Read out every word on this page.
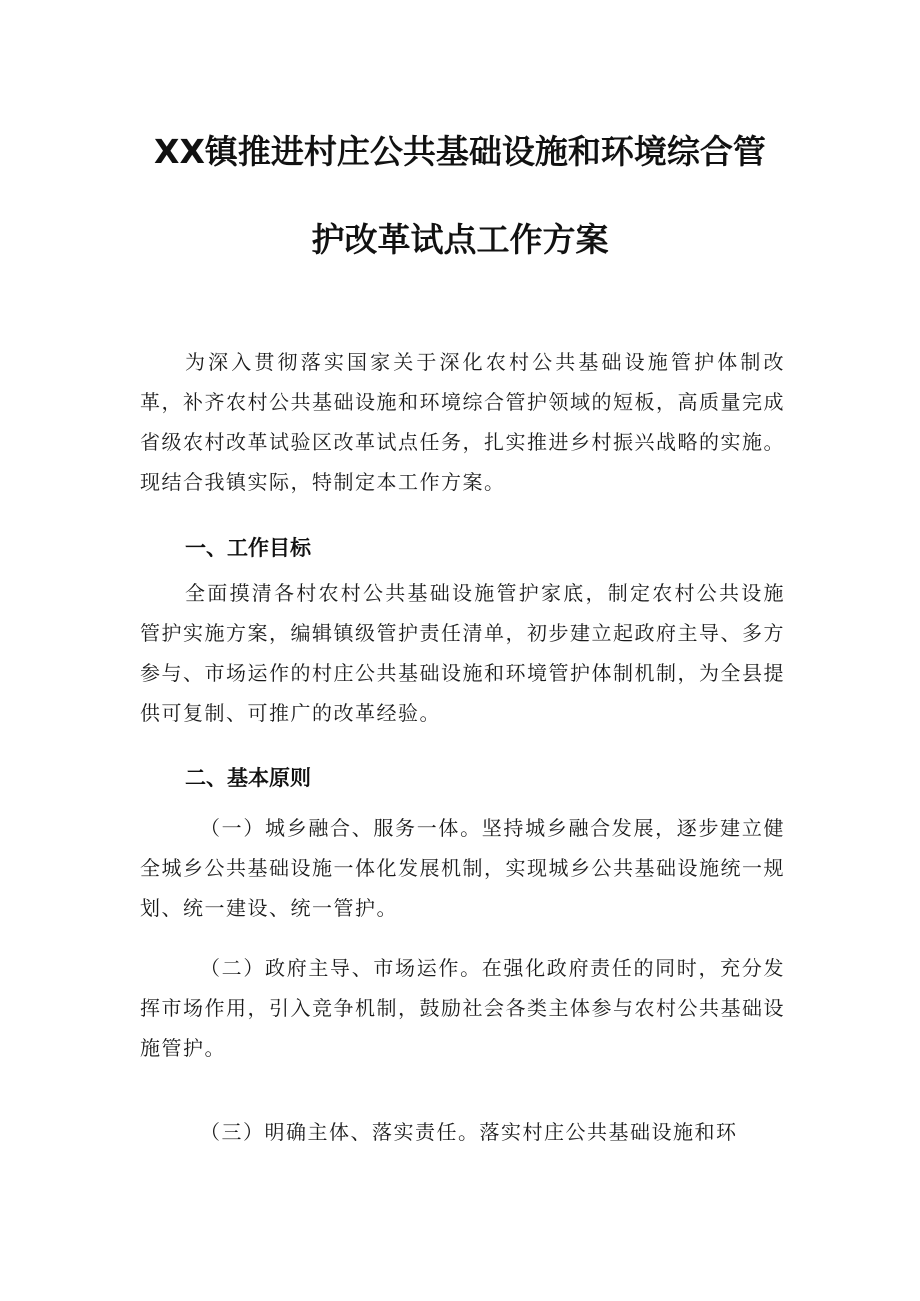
XX镇推进村庄公共基础设施和环境综合管
护改革试点工作方案

为深入贯彻落实国家关于深化农村公共基础设施管护体制改革，补齐农村公共基础设施和环境综合管护领域的短板，高质量完成省级农村改革试验区改革试点任务，扎实推进乡村振兴战略的实施。现结合我镇实际，特制定本工作方案。

一、工作目标

全面摸清各村农村公共基础设施管护家底，制定农村公共设施管护实施方案，编辑镇级管护责任清单，初步建立起政府主导、多方参与、市场运作的村庄公共基础设施和环境管护体制机制，为全县提供可复制、可推广的改革经验。

二、基本原则

（一）城乡融合、服务一体。坚持城乡融合发展，逐步建立健全城乡公共基础设施一体化发展机制，实现城乡公共基础设施统一规划、统一建设、统一管护。

（二）政府主导、市场运作。在强化政府责任的同时，充分发挥市场作用，引入竞争机制，鼓励社会各类主体参与农村公共基础设施管护。

（三）明确主体、落实责任。落实村庄公共基础设施和环
